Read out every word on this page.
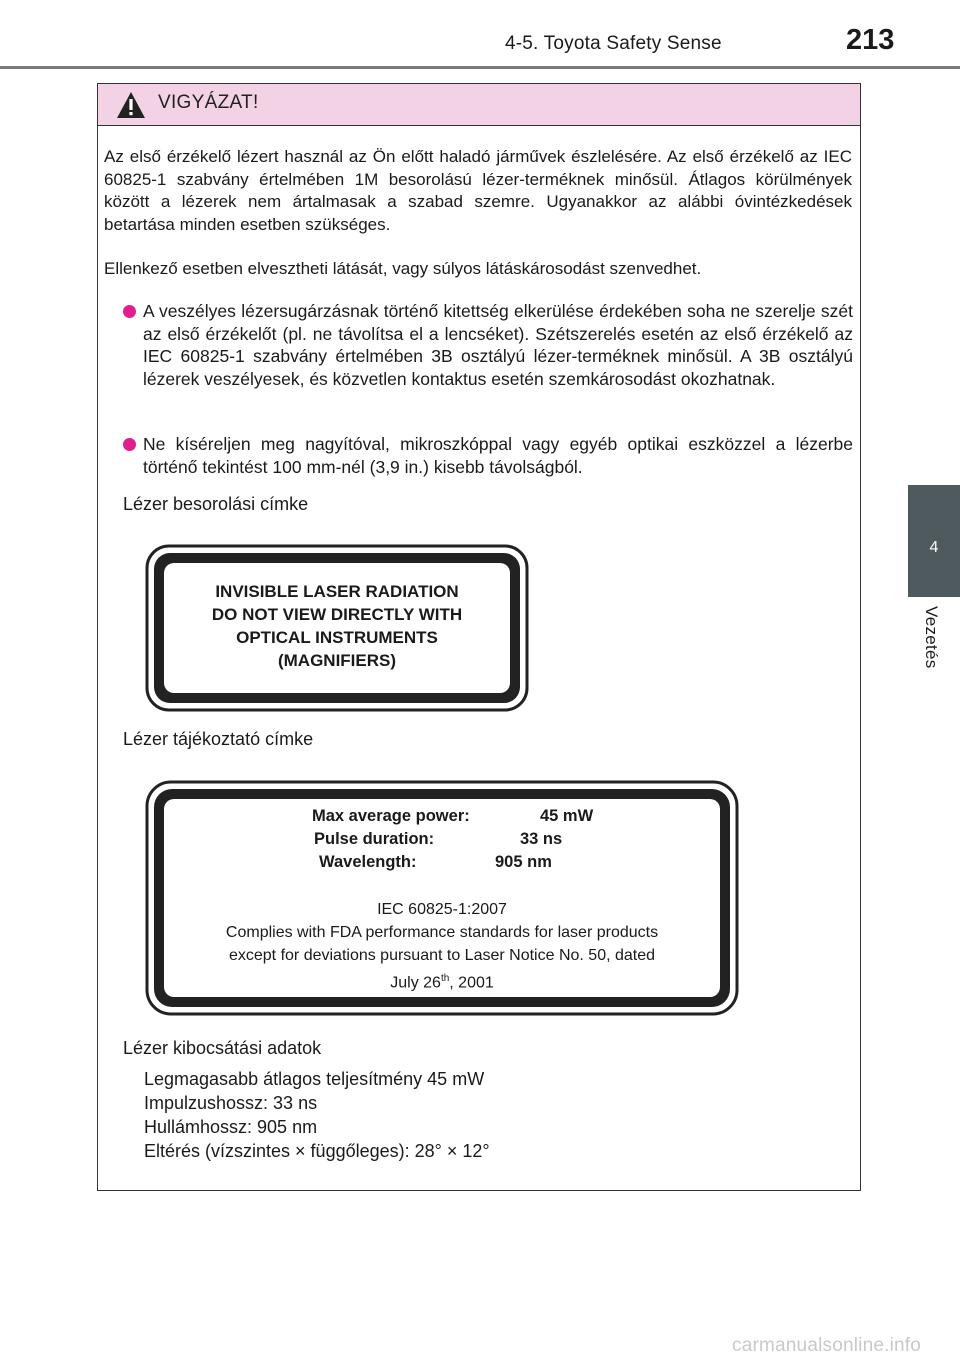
4-5. Toyota Safety Sense	213
4
Vezetés
VIGYÁZAT!
Az első érzékelő lézert használ az Ön előtt haladó járművek észlelésére. Az első érzékelő az IEC 60825-1 szabvány értelmében 1M besorolású lézer-terméknek minősül. Átlagos körülmények között a lézerek nem ártalmasak a szabad szemre. Ugyanakkor az alábbi óvintézkedések betartása minden esetben szükséges.
Ellenkező esetben elvesztheti látását, vagy súlyos látáskárosodást szenvedhet.
A veszélyes lézersugárzásnak történő kitettség elkerülése érdekében soha ne szerelje szét az első érzékelőt (pl. ne távolítsa el a lencséket). Szétszerelés esetén az első érzékelő az IEC 60825-1 szabvány értelmében 3B osztályú lézer-terméknek minősül. A 3B osztályú lézerek veszélyesek, és közvetlen kontaktus esetén szemkárosodást okozhatnak.
Ne kíséreljen meg nagyítóval, mikroszkóppal vagy egyéb optikai eszközzel a lézerbe történő tekintést 100 mm-nél (3,9 in.) kisebb távolságból.
Lézer besorolási címke
INVISIBLE LASER RADIATION
DO NOT VIEW DIRECTLY WITH
OPTICAL INSTRUMENTS
(MAGNIFIERS)
Lézer tájékoztató címke
Max average power:	45 mW
Pulse duration:	33 ns
Wavelength:	905 nm
IEC 60825-1:2007
Complies with FDA performance standards for laser products
except for deviations pursuant to Laser Notice No. 50, dated
July 26th, 2001
Lézer kibocsátási adatok
Legmagasabb átlagos teljesítmény 45 mW
Impulzushossz: 33 ns
Hullámhossz: 905 nm
Eltérés (vízszintes × függőleges): 28° × 12°
carmanualsonline.info
